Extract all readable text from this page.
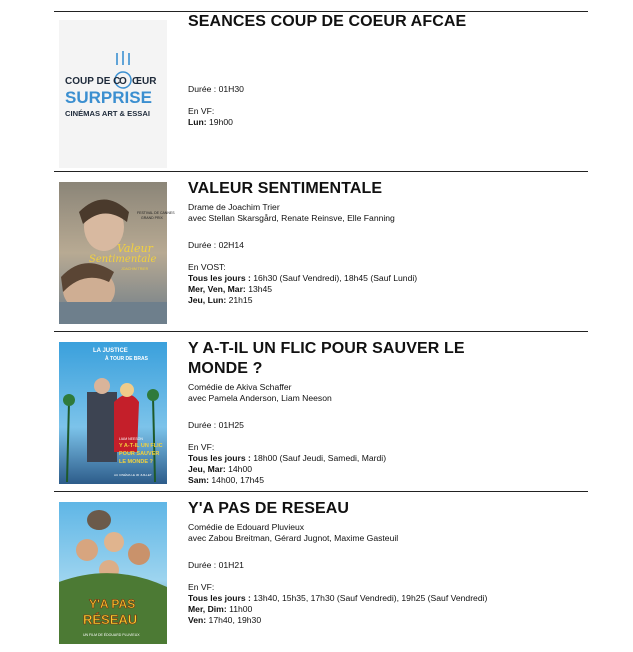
COUP DE C
O ŒUR
SURPRISE
CINÉMAS ART & ESSAI
SEANCES COUP DE COEUR AFCAE
Durée : 01H30
En VF:
Lun: 19h00
FESTIVAL DE CANNES
GRAND PRIX
Valeur
Sentimentale
JOACHIM TRIER
VALEUR SENTIMENTALE
Drame de Joachim Trier
avec Stellan Skarsgård, Renate Reinsve, Elle Fanning
Durée : 02H14
En VOST:
Tous les jours : 16h30 (Sauf Vendredi), 18h45 (Sauf Lundi)
Mer, Ven, Mar: 13h45
Jeu, Lun: 21h15
LA JUSTICE
À TOUR DE BRAS
LIAM NEESON
Y A-T-IL UN FLIC
POUR SAUVER
LE MONDE ?
AU CINÉMA LE 30 JUILLET
Y A-T-IL UN FLIC POUR SAUVER LE MONDE ?
Comédie de Akiva Schaffer
avec Pamela Anderson, Liam Neeson
Durée : 01H25
En VF:
Tous les jours : 18h00 (Sauf Jeudi, Samedi, Mardi)
Jeu, Mar: 14h00
Sam: 14h00, 17h45
Y'A PAS
RÉSEAU
UN FILM DE ÉDOUARD PLUVIEUX
Y'A PAS DE RESEAU
Comédie de Edouard Pluvieux
avec Zabou Breitman, Gérard Jugnot, Maxime Gasteuil
Durée : 01H21
En VF:
Tous les jours : 13h40, 15h35, 17h30 (Sauf Vendredi), 19h25 (Sauf Vendredi)
Mer, Dim: 11h00
Ven: 17h40, 19h30
